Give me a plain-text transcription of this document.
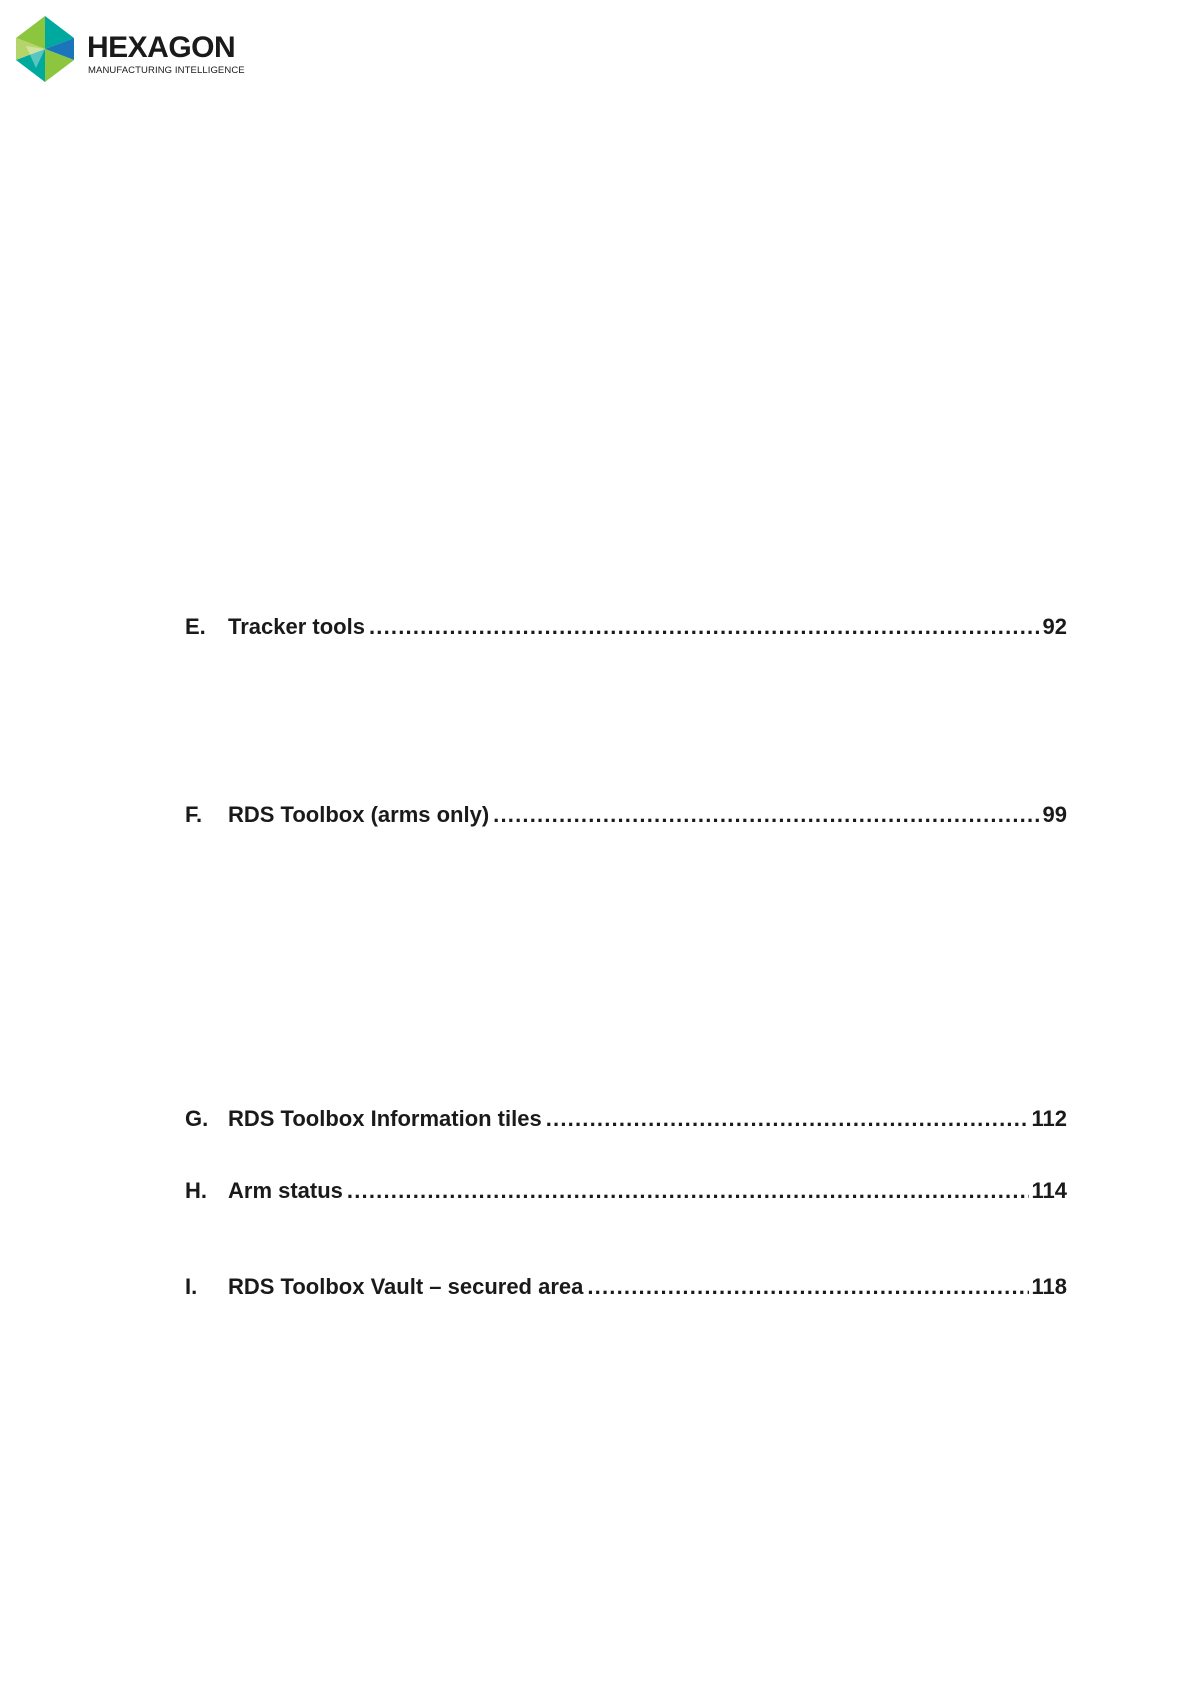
HEXAGON
MANUFACTURING INTELLIGENCE
E.	Tracker tools .....	92
F.	RDS Toolbox (arms only) .....	99
G. RDS Toolbox Information tiles .....	112
H. Arm status .....	114
I.	RDS Toolbox Vault – secured area .....	118
